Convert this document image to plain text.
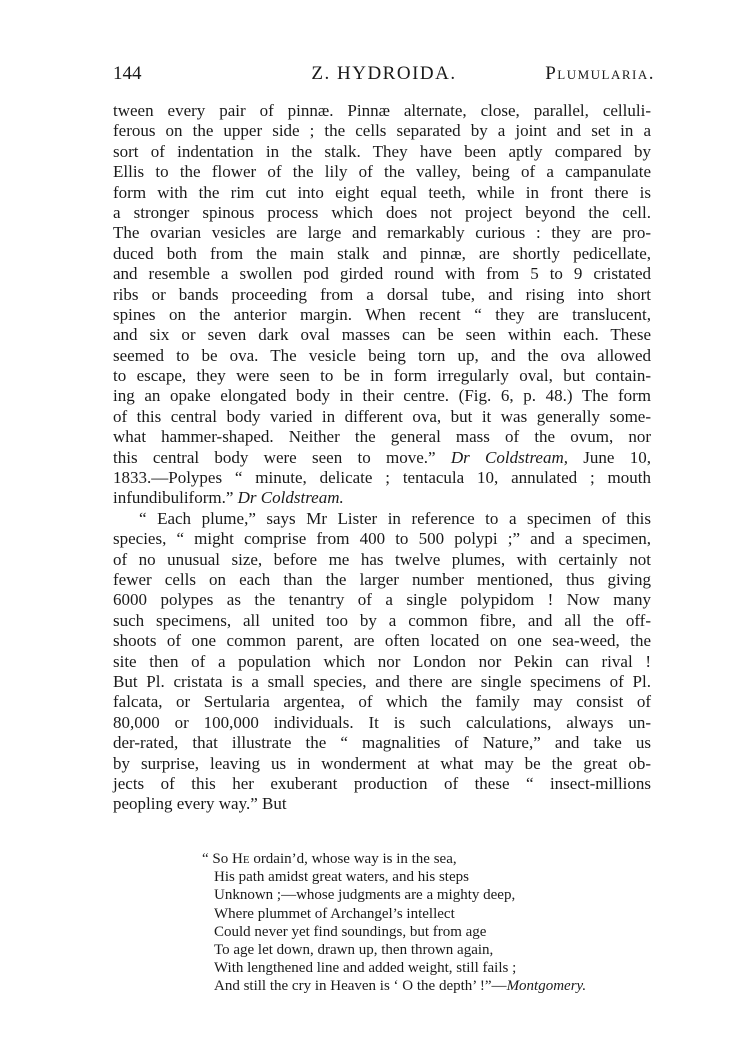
144	Z. HYDROIDA.	Plumularia.
tween every pair of pinnæ. Pinnæ alternate, close, parallel, celluli-
ferous on the upper side ; the cells separated by a joint and set in a
sort of indentation in the stalk. They have been aptly compared by
Ellis to the flower of the lily of the valley, being of a campanulate
form with the rim cut into eight equal teeth, while in front there is
a stronger spinous process which does not project beyond the cell.
The ovarian vesicles are large and remarkably curious : they are pro-
duced both from the main stalk and pinnæ, are shortly pedicellate,
and resemble a swollen pod girded round with from 5 to 9 cristated
ribs or bands proceeding from a dorsal tube, and rising into short
spines on the anterior margin. When recent “ they are translucent,
and six or seven dark oval masses can be seen within each. These
seemed to be ova. The vesicle being torn up, and the ova allowed
to escape, they were seen to be in form irregularly oval, but contain-
ing an opake elongated body in their centre. (Fig. 6, p. 48.) The form
of this central body varied in different ova, but it was generally some-
what hammer-shaped. Neither the general mass of the ovum, nor
this central body were seen to move.” Dr Coldstream, June 10,
1833.—Polypes “ minute, delicate ; tentacula 10, annulated ; mouth
infundibuliform.” Dr Coldstream.
“ Each plume,” says Mr Lister in reference to a specimen of this
species, “ might comprise from 400 to 500 polypi ;” and a specimen,
of no unusual size, before me has twelve plumes, with certainly not
fewer cells on each than the larger number mentioned, thus giving
6000 polypes as the tenantry of a single polypidom ! Now many
such specimens, all united too by a common fibre, and all the off-
shoots of one common parent, are often located on one sea-weed, the
site then of a population which nor London nor Pekin can rival !
But Pl. cristata is a small species, and there are single specimens of Pl.
falcata, or Sertularia argentea, of which the family may consist of
80,000 or 100,000 individuals. It is such calculations, always un-
der-rated, that illustrate the “ magnalities of Nature,” and take us
by surprise, leaving us in wonderment at what may be the great ob-
jects of this her exuberant production of these “ insect-millions
peopling every way.” But
“ So He ordain’d, whose way is in the sea,
His path amidst great waters, and his steps
Unknown ;—whose judgments are a mighty deep,
Where plummet of Archangel’s intellect
Could never yet find soundings, but from age
To age let down, drawn up, then thrown again,
With lengthened line and added weight, still fails ;
And still the cry in Heaven is ‘ O the depth’ !”—Montgomery.
